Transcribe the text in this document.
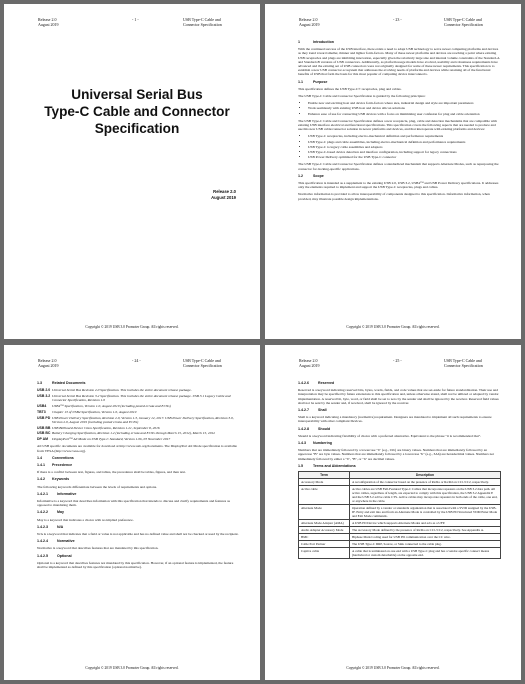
Release 2.0
August 2019
- 1 -	USB Type-C Cable and
Connector Specification
Universal Serial Bus
Type-C Cable and Connector
Specification
Release 2.0
August 2019
Copyright © 2019 USB 3.0 Promoter Group. All rights reserved.
Release 2.0
August 2019
- 23 -	USB Type-C Cable and
Connector Specification
1	Introduction

With the continued success of the USB interface, there exists a need to adapt USB technology to serve newer computing platforms and devices as they trend toward smaller, thinner and lighter form-factors. Many of these newer platforms and devices are reaching a point where existing USB receptacles and plugs are inhibiting innovation, especially given the relatively large size and internal volume constraints of the Standard-A and Standard-B versions of USB connectors. Additionally, as platform usage models have evolved, usability and robustness requirements have advanced and the existing set of USB connectors were not originally designed for some of these newer requirements. This specification is to establish a new USB connector ecosystem that addresses the evolving needs of platforms and devices while retaining all of the functional benefits of USB that form the basis for this most popular of computing device interconnects.

1.1	Purpose

This specification defines the USB Type-C® receptacles, plug and cables.

The USB Type-C Cable and Connector Specification is guided by the following principles:

• Enable new and exciting host and device form-factors where size, industrial design and style are important parameters
• Work seamlessly with existing USB host and device silicon solutions
• Enhance ease of use for connecting USB devices with a focus on minimizing user confusion for plug and cable orientation

The USB Type-C Cable and Connector Specification defines a new receptacle, plug, cable and detection mechanisms that are compatible with existing USB interface electrical and functional specifications. This specification covers the following aspects that are needed to produce and use this new USB cable/connector solution in newer platforms and devices, and that interoperate with existing platforms and devices:

• USB Type-C receptacles, including electro-mechanical definition and performance requirements
• USB Type-C plugs and cable assemblies, including electro-mechanical definition and performance requirements
• USB Type-C to legacy cable assemblies and adapters
• USB Type-C-based device detection and interface configuration, including support for legacy connections
• USB Power Delivery optimized for the USB Type-C connector

The USB Type-C Cable and Connector Specification defines a standardized mechanism that supports Alternate Modes, such as repurposing the connector for docking-specific applications.

1.2	Scope

This specification is intended as a supplement to the existing USB 2.0, USB 3.2, USB4™ and USB Power Delivery specifications. It addresses only the elements required to implement and support the USB Type-C receptacles, plugs and cables.

Normative information is provided to allow interoperability of components designed to this specification. Informative information, when provided, may illustrate possible design implementations.

Copyright © 2019 USB 3.0 Promoter Group. All rights reserved.
Release 2.0
August 2019
- 24 -	USB Type-C Cable and
Connector Specification
1.3	Related Documents
USB 2.0 Universal Serial Bus Revision 2.0 Specification. This includes the entire document release package.
USB 3.2 Universal Serial Bus Revision 3.2 Specification. This includes the entire document release package. USB 3.1 Legacy Cable and Connector Specification, Revision 1.0
USB4	USB4™ Specification, Version 1.0, August 2019 (including posted errata and ECNs)
TBT3	Chapter 13 of USB4 Specification, Version 1.0, August 2019
USB PD USB Power Delivery Specification, Revision 2.0, Version 1.3, January 12, 2017. USB Power Delivery Specification, Revision 3.0, Version 2.0, August 2019 (including posted errata and ECNs)
USB BB USB Billboard Device Class Specification, Revision 1.21, September 8, 2016
USB BC Battery Charging Specification, Revision 1.2 (including errata and ECNs through March 15, 2012), March 15, 2012
DP AM	DisplayPort™ Alt Mode on USB Type-C Standard, Version 1.0b, 03 November 2017

All USB specific documents are available for download at http://www.usb.org/documents. The DisplayPort Alt Mode specification is available from VESA (http://www.vesa.org).

1.4	Conventions
1.4.1 Precedence

If there is a conflict between text, figures, and tables, the precedence shall be tables, figures, and then text.

1.4.2 Keywords

The following keywords differentiate between the levels of requirements and options.

1.4.2.1	Informative

Informative is a keyword that describes information with this specification that intends to discuss and clarify requirements and features as opposed to mandating them.

1.4.2.2	May

May is a keyword that indicates a choice with no implied preference.

1.4.2.3	N/A

N/A is a keyword that indicates that a field or value is not applicable and has no defined value and shall not be checked or used by the recipient.

1.4.2.4	Normative

Normative is a keyword that describes features that are mandated by this specification.

1.4.2.5	Optional

Optional is a keyword that describes features not mandated by this specification. However, if an optional feature is implemented, the feature shall be implemented as defined by this specification (optional normative).

Copyright © 2019 USB 3.0 Promoter Group. All rights reserved.
Release 2.0
August 2019
- 25 -	USB Type-C Cable and
Connector Specification
1.4.2.6	Reserved

Reserved is a keyword indicating reserved bits, bytes, words, fields, and code values that are set-aside for future standardization. Their use and interpretation may be specified by future extensions to this specification and, unless otherwise stated, shall not be utilized or adapted by vendor implementation. A reserved bit, byte, word, or field shall be set to zero by the sender and shall be ignored by the receiver. Reserved field values shall not be sent by the sender and, if received, shall be ignored by the receiver.

1.4.2.7	Shall

Shall is a keyword indicating a mandatory (normative) requirement. Designers are mandated to implement all such requirements to ensure interoperability with other compliant Devices.

1.4.2.8	Should

Should is a keyword indicating flexibility of choice with a preferred alternative. Equivalent to the phrase "it is recommended that".

1.4.3 Numbering

Numbers that are immediately followed by a lowercase "b" (e.g., 01b) are binary values. Numbers that are immediately followed by an uppercase "B" are byte values. Numbers that are immediately followed by a lowercase "h" (e.g., 3Ah) are hexadecimal values. Numbers not immediately followed by either a "b", "B", or "h" are decimal values.

1.5	Terms and Abbreviations
Term	Description
Accessory Mode	A reconfiguration of the connector based on the presence of Ra/Ra or Ra/Rd on CC1/CC2, respectively.
Active cable	Active cables are USB Full-Featured Type-C Cables that incorporate repeaters on the USB 3.2 data path. All active cables, regardless of length, are expected to comply with this specification, the USB 3.2 Appendix E and the USB 3.2 active cable CTS. Active cables may incorporate repeaters in both ends of the cable, one end, or anywhere in the cable.
Alternate Mode	Operation defined by a vendor or standards organization that is associated with a SVID assigned by the USB-IF. Entry and exit into and from an Alternate Mode is controlled by the USB PD Structured VDM Enter Mode and Exit Mode commands.
Alternate Mode Adapter (AMA)	A USB PD Device which supports Alternate Modes and acts as a UFP.
Audio Adapter Accessory Mode	The Accessory Mode defined by the presence of Ra/Ra on CC1/CC2, respectively. See Appendix A.
BMC	Biphase Mark Coding used for USB PD communication over the CC wire.
Cable Port Partner	The USB Type-C DRP, Source, or Sink connected to the cable plug.
Captive cable	A cable that is terminated on one end with a USB Type-C plug and has a vendor-specific connect means (hardwired or custom detachable) on the opposite end.
Copyright © 2019 USB 3.0 Promoter Group. All rights reserved.
